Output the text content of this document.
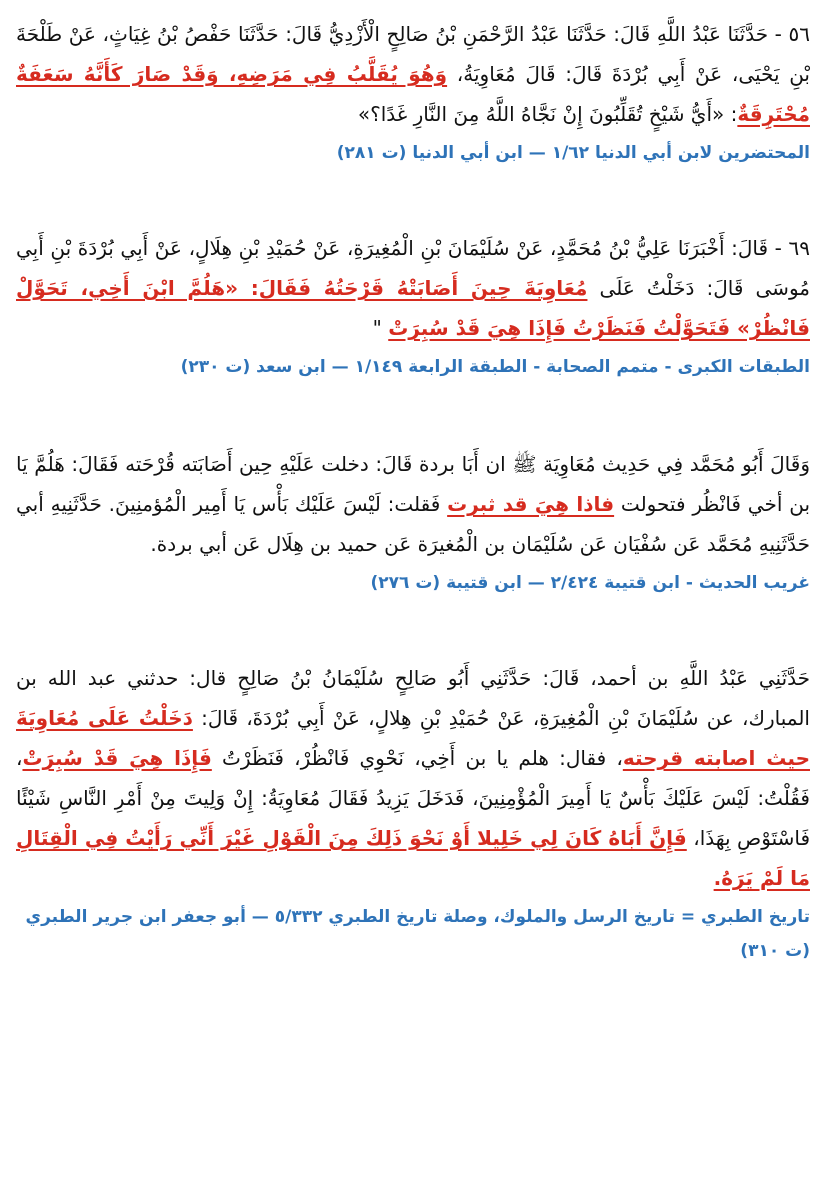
٥٦ - حَدَّثَنَا عَبْدُ اللَّهِ قَالَ: حَدَّثَنَا عَبْدُ الرَّحْمَنِ بْنُ صَالِحٍ الْأَزْدِيُّ قَالَ: حَدَّثَنَا حَفْصُ بْنُ غِيَاثٍ، عَنْ طَلْحَةَ بْنِ يَحْيَى، عَنْ أَبِي بُرْدَةَ قَالَ: قَالَ مُعَاوِيَةُ، وَهُوَ يُقَلَّبُ فِي مَرَضِهِ، وَقَدْ صَارَ كَأَنَّهُ سَعَفَةٌ مُحْتَرِقَةٌ: «أَيُّ شَيْخٍ تُقَلِّبُونَ إِنْ نَجَّاهُ اللَّهُ مِنَ النَّارِ غَدًا؟»

المحتضرين لابن أبي الدنيا ١/٦٢ — ابن أبي الدنيا (ت ٢٨١)

٦٩ - قَالَ: أَخْبَرَنَا عَلِيُّ بْنُ مُحَمَّدٍ، عَنْ سُلَيْمَانَ بْنِ الْمُغِيرَةِ، عَنْ حُمَيْدِ بْنِ هِلَالٍ، عَنْ أَبِي بُرْدَةَ بْنِ أَبِي مُوسَى قَالَ: دَخَلْتُ عَلَى مُعَاوِيَةَ حِينَ أَصَابَتْهُ قَرْحَتُهُ فَقَالَ: «هَلُمَّ ابْنَ أَخِي، تَحَوَّلْ فَانْظُرْ» فَتَحَوَّلْتُ فَنَظَرْتُ فَإِذَا هِيَ قَدْ سُبِرَتْ "

الطبقات الكبرى - متمم الصحابة - الطبقة الرابعة ١/١٤٩ — ابن سعد (ت ٢٣٠)

وَقَالَ أَبُو مُحَمَّد فِي حَدِيث مُعَاوِيَة ﷺ ان أَبَا بردة قَالَ: دخلت عَلَيْهِ حِين أَصَابَته قُرْحَته فَقَالَ: هَلُمَّ يَا بن أخي فَانْظُر فتحولت فاذا هِيَ قد ثبرت فَقلت: لَيْسَ عَلَيْك بَأْس يَا أَمِير الْمُؤمنِينَ. حَدَّثَنِيهِ أبي حَدَّثَنِيهِ مُحَمَّد عَن سُفْيَان عَن سُلَيْمَان بن الْمُغيرَة عَن حميد بن هِلَال عَن أبي بردة.

غريب الحديث - ابن قتيبة ٢/٤٢٤ — ابن قتيبة (ت ٢٧٦)

حَدَّثَنِي عَبْدُ اللَّهِ بن أحمد، قَالَ: حَدَّثَنِي أَبُو صَالِحٍ سُلَيْمَانُ بْنُ صَالِحٍ قال: حدثني عبد الله بن المبارك، عن سُلَيْمَانَ بْنِ الْمُغِيرَةِ، عَنْ حُمَيْدِ بْنِ هِلالٍ، عَنْ أَبِي بُرْدَةَ، قَالَ: دَخَلْتُ عَلَى مُعَاوِيَةَ حيث اصابته قرحته، فقال: هلم يا بن أَخِي، نَحْوِي فَانْظُرْ، فَنَظَرْتُ فَإِذَا هِيَ قَدْ سُبِرَتْ، فَقُلْتُ: لَيْسَ عَلَيْكَ بَأْسٌ يَا أَمِيرَ الْمُؤْمِنِينَ، فَدَخَلَ يَزِيدُ فَقَالَ مُعَاوِيَةُ: إِنْ وَلِيتَ مِنْ أَمْرِ النَّاسِ شَيْئًا فَاسْتَوْصِ بِهَذَا، فَإِنَّ أَبَاهُ كَانَ لِي خَلِيلا أَوْ نَحْوَ ذَلِكَ مِنَ الْقَوْلِ غَيْرَ أَنِّي رَأَيْتُ فِي الْقِتَالِ مَا لَمْ يَرَهُ.

تاريخ الطبري = تاريخ الرسل والملوك، وصلة تاريخ الطبري ٥/٣٣٢ — أبو جعفر ابن جرير الطبري (ت ٣١٠)
